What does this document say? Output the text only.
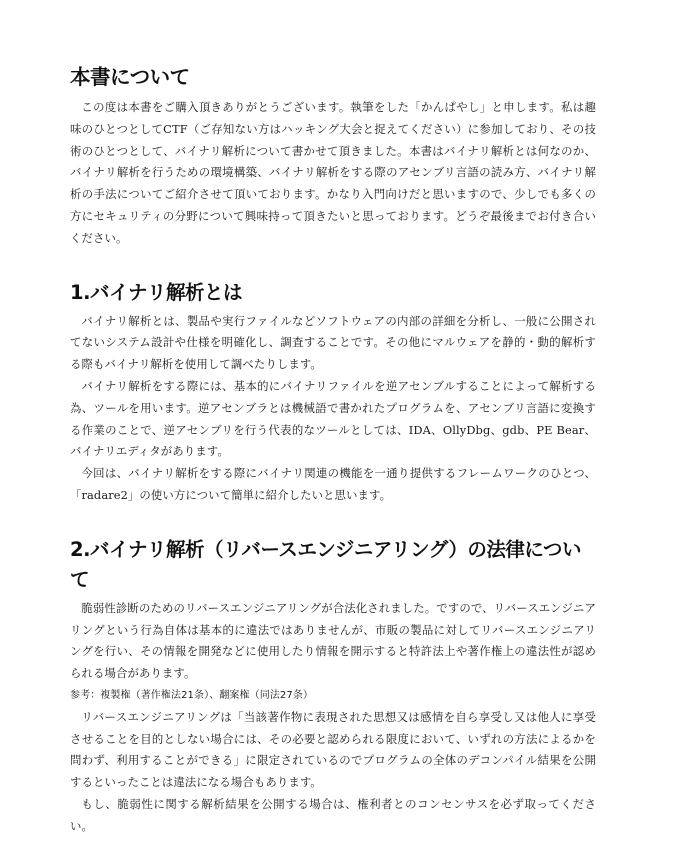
本書について

この度は本書をご購入頂きありがとうございます。執筆をした「かんぱやし」と申します。私は趣味のひとつとしてCTF（ご存知ない方はハッキング大会と捉えてください）に参加しており、その技術のひとつとして、バイナリ解析について書かせて頂きました。本書はバイナリ解析とは何なのか、バイナリ解析を行うための環境構築、バイナリ解析をする際のアセンブリ言語の読み方、バイナリ解析の手法についてご紹介させて頂いております。かなり入門向けだと思いますので、少しでも多くの方にセキュリティの分野について興味持って頂きたいと思っております。どうぞ最後までお付き合いください。

1.バイナリ解析とは

バイナリ解析とは、製品や実行ファイルなどソフトウェアの内部の詳細を分析し、一般に公開されてないシステム設計や仕様を明確化し、調査することです。その他にマルウェアを静的・動的解析する際もバイナリ解析を使用して調べたりします。

バイナリ解析をする際には、基本的にバイナリファイルを逆アセンブルすることによって解析する為、ツールを用います。逆アセンブラとは機械語で書かれたプログラムを、アセンブリ言語に変換する作業のことで、逆アセンブリを行う代表的なツールとしては、IDA、OllyDbg、gdb、PE Bear、バイナリエディタがあります。

今回は、バイナリ解析をする際にバイナリ関連の機能を一通り提供するフレームワークのひとつ、「radare2」の使い方について簡単に紹介したいと思います。

2.バイナリ解析（リバースエンジニアリング）の法律について

脆弱性診断のためのリバースエンジニアリングが合法化されました。ですので、リバースエンジニアリングという行為自体は基本的に違法ではありませんが、市販の製品に対してリバースエンジニアリングを行い、その情報を開発などに使用したり情報を開示すると特許法上や著作権上の違法性が認められる場合があります。

参考：複製権（著作権法21条）、翻案権（同法27条）

リバースエンジニアリングは「当該著作物に表現された思想又は感情を自ら享受し又は他人に享受させることを目的としない場合には、その必要と認められる限度において、いずれの方法によるかを問わず、利用することができる」に限定されているのでプログラムの全体のデコンパイル結果を公開するといったことは違法になる場合もあります。

もし、脆弱性に関する解析結果を公開する場合は、権利者とのコンセンサスを必ず取ってください。
